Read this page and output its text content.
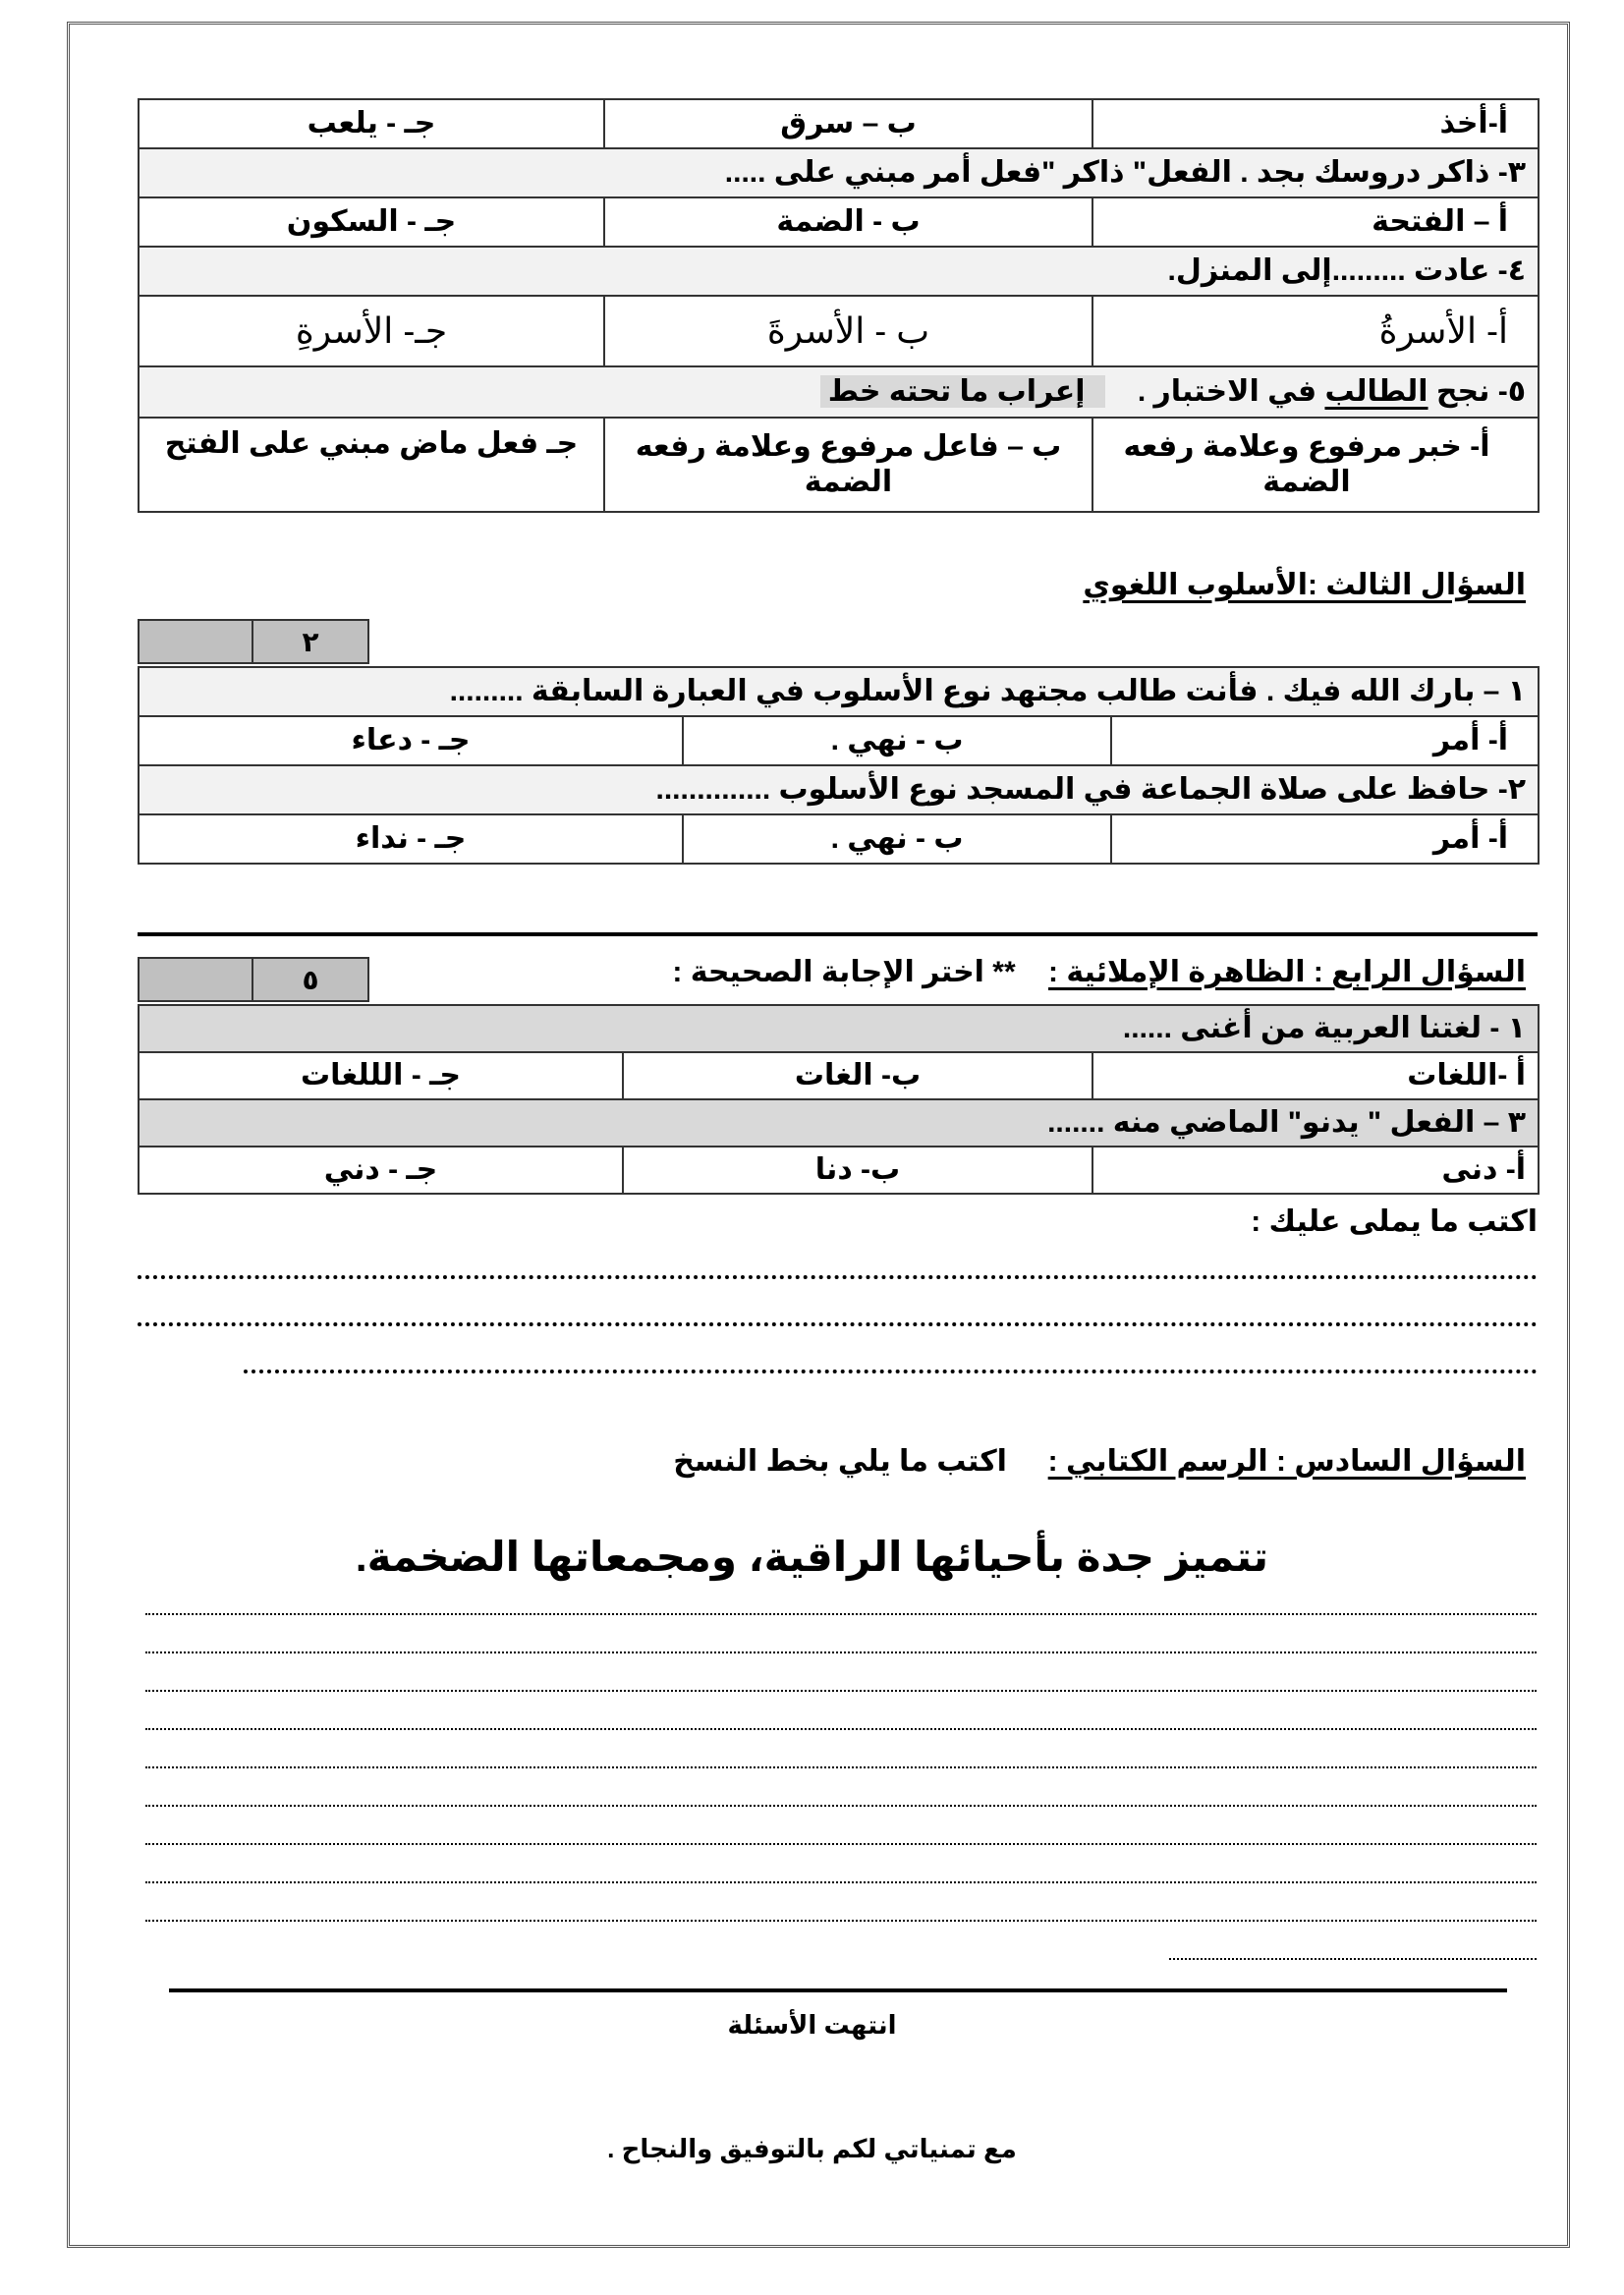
أ-أخذ	ب – سرق	جـ - يلعب
٣- ذاكر دروسك بجد . الفعل" ذاكر "فعل أمر مبني على .....		
أ – الفتحة	ب - الضمة	جـ - السكون
٤- عادت .........إلى المنزل.		
أ- الأسرةُ	ب - الأسرةَ	جـ- الأسرةِ
٥- نجح الطالب في الاختبار .    إعراب ما تحته خط		
أ- خبر مرفوع وعلامة رفعه الضمة	ب – فاعل مرفوع وعلامة رفعه الضمة	جـ فعل ماض مبني على الفتح
السؤال الثالث :الأسلوب اللغوي
٢
١ – بارك الله فيك . فأنت طالب مجتهد نوع الأسلوب في العبارة السابقة .........		
أ- أمر	ب - نهي .	جـ - دعاء
٢- حافظ على صلاة الجماعة في المسجد نوع الأسلوب ..............		
أ- أمر	ب - نهي .	جـ - نداء
السؤال الرابع : الظاهرة الإملائية :    ** اختر الإجابة الصحيحة :
٥
١ - لغتنا العربية من أغنى ......		
أ -اللغات	ب- الغات	جـ - الللغات
٣ – الفعل " يدنو" الماضي منه .......		
أ- دنى	ب- دنا	جـ - دني
اكتب ما يملى عليك :
السؤال السادس : الرسم الكتابي :     اكتب ما يلي بخط النسخ
تتميز جدة بأحيائها الراقية، ومجمعاتها الضخمة.
انتهت الأسئلة
مع تمنياتي لكم بالتوفيق والنجاح .
